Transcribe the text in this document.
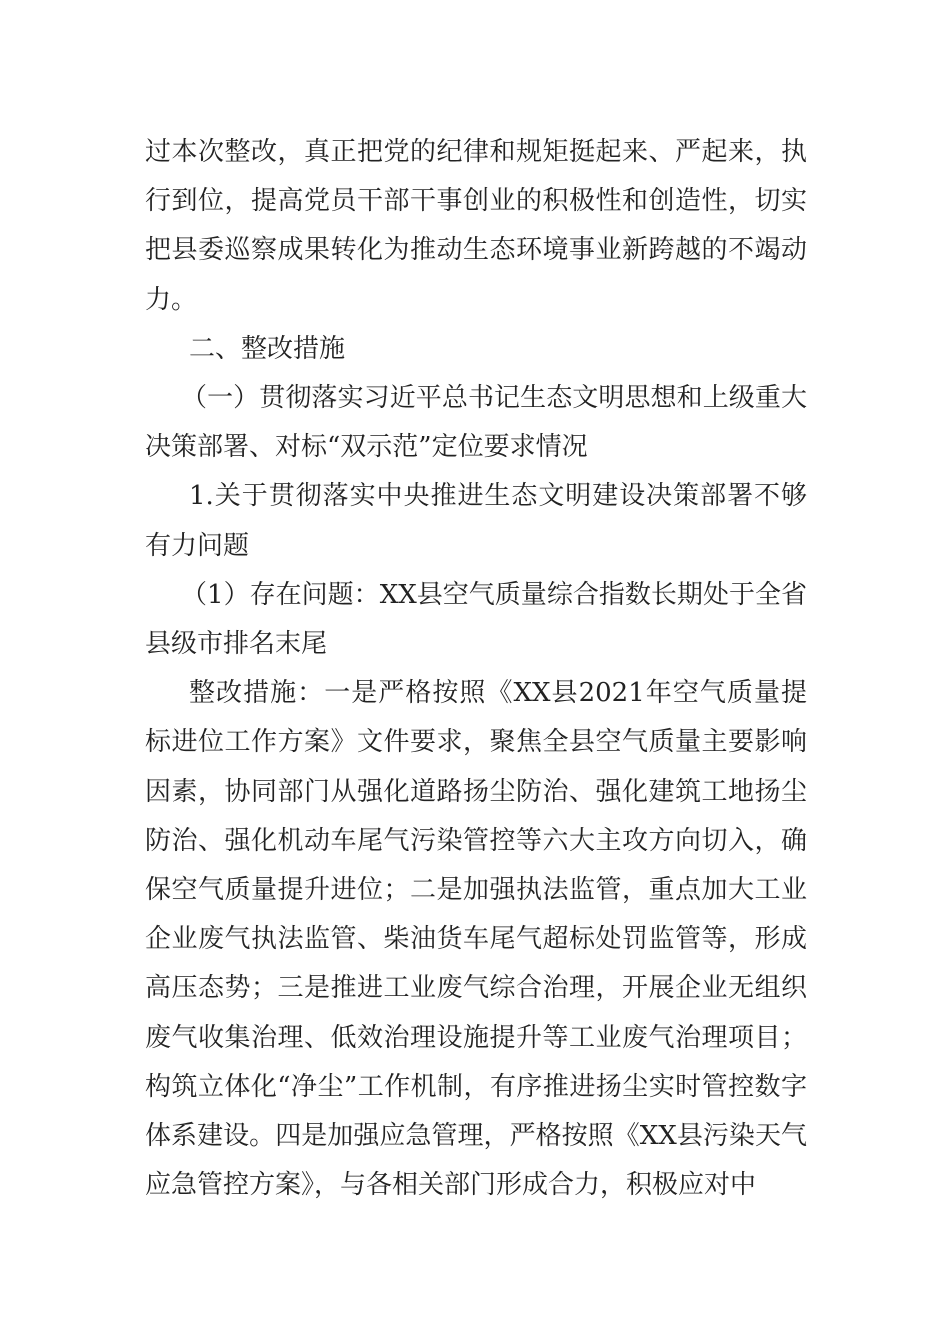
过本次整改，真正把党的纪律和规矩挺起来、严起来，执行到位，提高党员干部干事创业的积极性和创造性，切实把县委巡察成果转化为推动生态环境事业新跨越的不竭动力。

二、整改措施

（一）贯彻落实习近平总书记生态文明思想和上级重大决策部署、对标“双示范”定位要求情况

1.关于贯彻落实中央推进生态文明建设决策部署不够有力问题

（1）存在问题：XX县空气质量综合指数长期处于全省县级市排名末尾

整改措施：一是严格按照《XX县2021年空气质量提标进位工作方案》文件要求，聚焦全县空气质量主要影响因素，协同部门从强化道路扬尘防治、强化建筑工地扬尘防治、强化机动车尾气污染管控等六大主攻方向切入，确保空气质量提升进位；二是加强执法监管，重点加大工业企业废气执法监管、柴油货车尾气超标处罚监管等，形成高压态势；三是推进工业废气综合治理，开展企业无组织废气收集治理、低效治理设施提升等工业废气治理项目；构筑立体化“净尘”工作机制，有序推进扬尘实时管控数字体系建设。四是加强应急管理，严格按照《XX县污染天气应急管控方案》，与各相关部门形成合力，积极应对中
